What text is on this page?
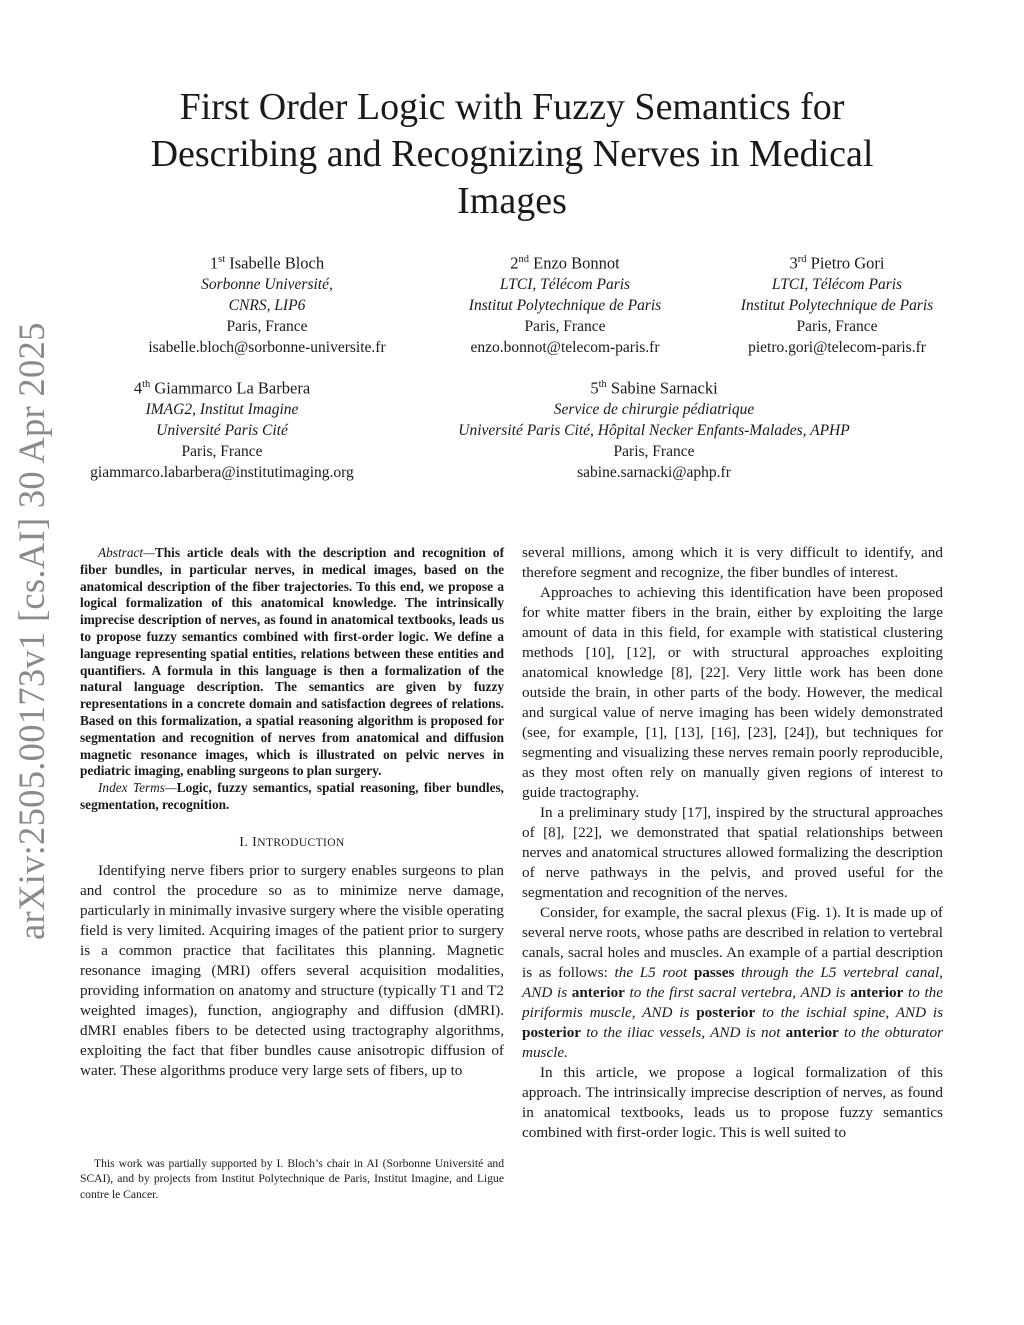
arXiv:2505.00173v1 [cs.AI] 30 Apr 2025
First Order Logic with Fuzzy Semantics for
Describing and Recognizing Nerves in Medical
Images
1st Isabelle Bloch
Sorbonne Université,
CNRS, LIP6
Paris, France
isabelle.bloch@sorbonne-universite.fr
2nd Enzo Bonnot
LTCI, Télécom Paris
Institut Polytechnique de Paris
Paris, France
enzo.bonnot@telecom-paris.fr
3rd Pietro Gori
LTCI, Télécom Paris
Institut Polytechnique de Paris
Paris, France
pietro.gori@telecom-paris.fr
4th Giammarco La Barbera
IMAG2, Institut Imagine
Université Paris Cité
Paris, France
giammarco.labarbera@institutimaging.org
5th Sabine Sarnacki
Service de chirurgie pédiatrique
Université Paris Cité, Hôpital Necker Enfants-Malades, APHP
Paris, France
sabine.sarnacki@aphp.fr

Abstract—This article deals with the description and recognition of fiber bundles, in particular nerves, in medical images, based on the anatomical description of the fiber trajectories. To this end, we propose a logical formalization of this anatomical knowledge. The intrinsically imprecise description of nerves, as found in anatomical textbooks, leads us to propose fuzzy semantics combined with first-order logic. We define a language representing spatial entities, relations between these entities and quantifiers. A formula in this language is then a formalization of the natural language description. The semantics are given by fuzzy representations in a concrete domain and satisfaction degrees of relations. Based on this formalization, a spatial reasoning algorithm is proposed for segmentation and recognition of nerves from anatomical and diffusion magnetic resonance images, which is illustrated on pelvic nerves in pediatric imaging, enabling surgeons to plan surgery.

Index Terms—Logic, fuzzy semantics, spatial reasoning, fiber bundles, segmentation, recognition.

I. INTRODUCTION

Identifying nerve fibers prior to surgery enables surgeons to plan and control the procedure so as to minimize nerve damage, particularly in minimally invasive surgery where the visible operating field is very limited. Acquiring images of the patient prior to surgery is a common practice that facilitates this planning. Magnetic resonance imaging (MRI) offers several acquisition modalities, providing information on anatomy and structure (typically T1 and T2 weighted images), function, angiography and diffusion (dMRI). dMRI enables fibers to be detected using tractography algorithms, exploiting the fact that fiber bundles cause anisotropic diffusion of water. These algorithms produce very large sets of fibers, up to

This work was partially supported by I. Bloch’s chair in AI (Sorbonne Université and SCAI), and by projects from Institut Polytechnique de Paris, Institut Imagine, and Ligue contre le Cancer.

several millions, among which it is very difficult to identify, and therefore segment and recognize, the fiber bundles of interest.

Approaches to achieving this identification have been proposed for white matter fibers in the brain, either by exploiting the large amount of data in this field, for example with statistical clustering methods [10], [12], or with structural approaches exploiting anatomical knowledge [8], [22]. Very little work has been done outside the brain, in other parts of the body. However, the medical and surgical value of nerve imaging has been widely demonstrated (see, for example, [1], [13], [16], [23], [24]), but techniques for segmenting and visualizing these nerves remain poorly reproducible, as they most often rely on manually given regions of interest to guide tractography.

In a preliminary study [17], inspired by the structural approaches of [8], [22], we demonstrated that spatial relationships between nerves and anatomical structures allowed formalizing the description of nerve pathways in the pelvis, and proved useful for the segmentation and recognition of the nerves.

Consider, for example, the sacral plexus (Fig. 1). It is made up of several nerve roots, whose paths are described in relation to vertebral canals, sacral holes and muscles. An example of a partial description is as follows: the L5 root passes through the L5 vertebral canal, AND is anterior to the first sacral vertebra, AND is anterior to the piriformis muscle, AND is posterior to the ischial spine, AND is posterior to the iliac vessels, AND is not anterior to the obturator muscle.

In this article, we propose a logical formalization of this approach. The intrinsically imprecise description of nerves, as found in anatomical textbooks, leads us to propose fuzzy semantics combined with first-order logic. This is well suited to
